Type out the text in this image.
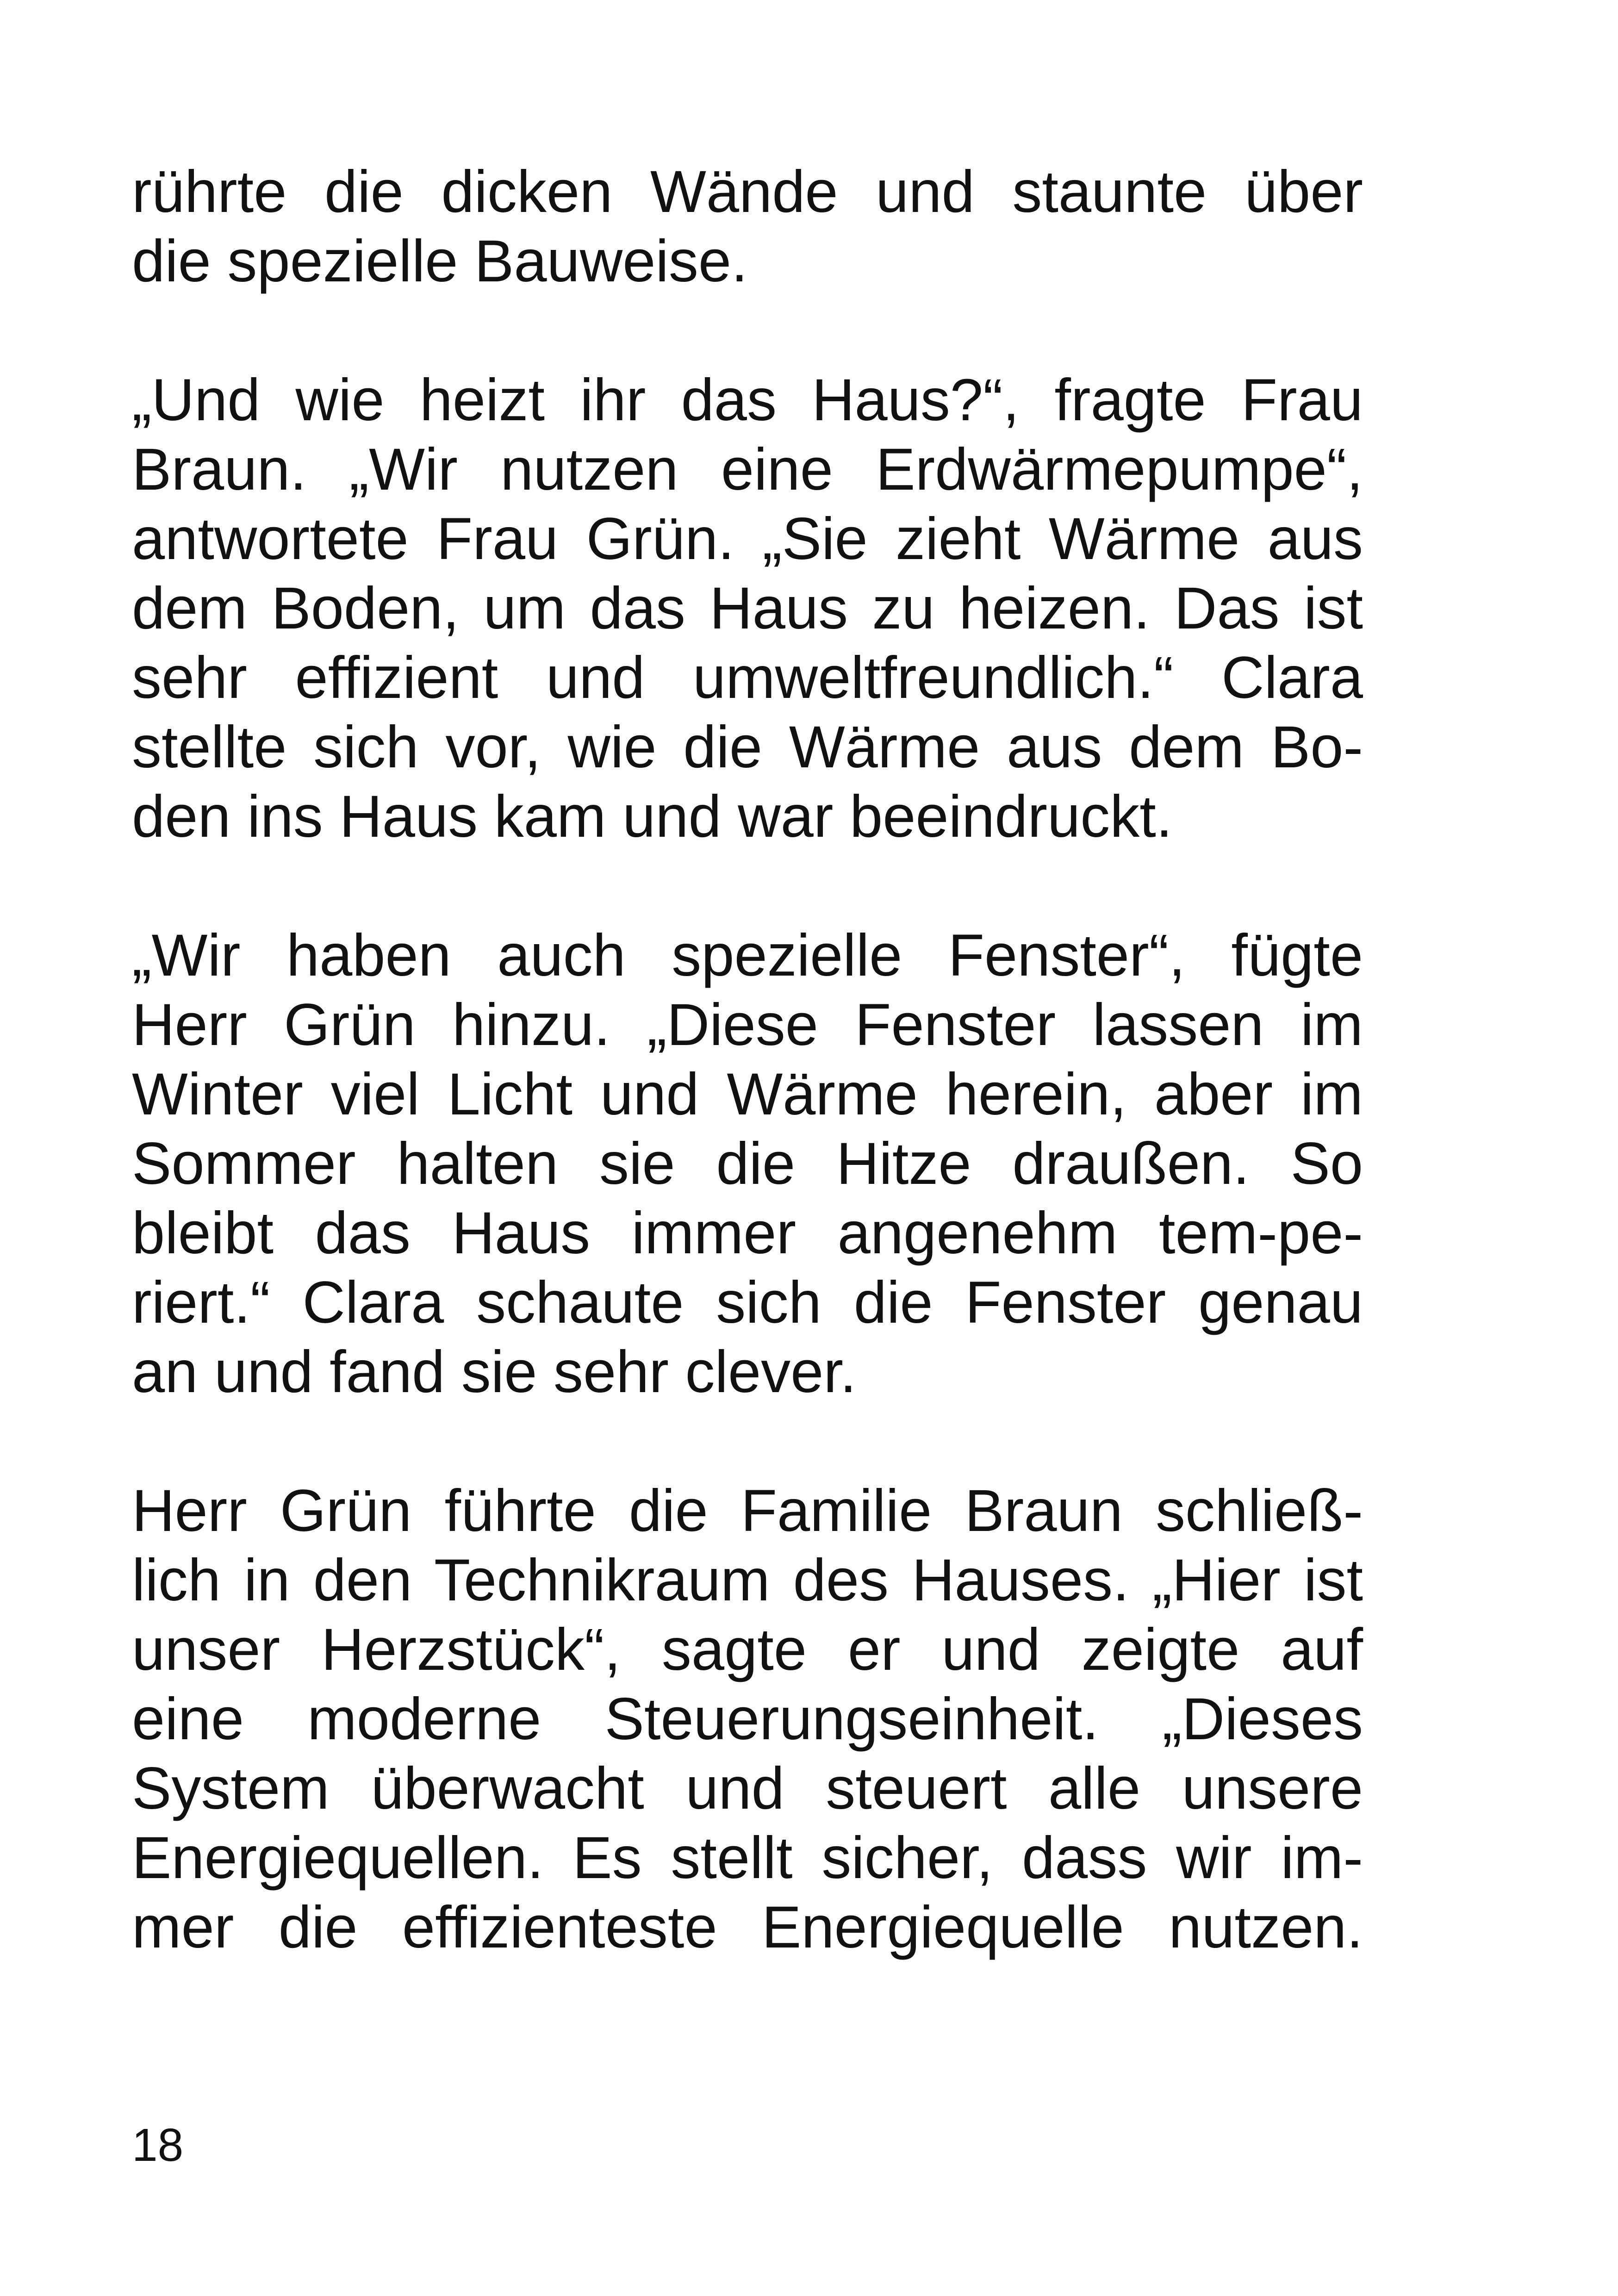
rührte die dicken Wände und staunte über
die spezielle Bauweise.

„Und wie heizt ihr das Haus?“, fragte Frau
Braun. „Wir nutzen eine Erdwärmepumpe“,
antwortete Frau Grün. „Sie zieht Wärme aus
dem Boden, um das Haus zu heizen. Das ist
sehr effizient und umweltfreundlich.“ Clara
stellte sich vor, wie die Wärme aus dem Bo-
den ins Haus kam und war beeindruckt.

„Wir haben auch spezielle Fenster“, fügte
Herr Grün hinzu. „Diese Fenster lassen im
Winter viel Licht und Wärme herein, aber im
Sommer halten sie die Hitze draußen. So
bleibt das Haus immer angenehm tem-pe-
riert.“ Clara schaute sich die Fenster genau
an und fand sie sehr clever.

Herr Grün führte die Familie Braun schließ-
lich in den Technikraum des Hauses. „Hier ist
unser Herzstück“, sagte er und zeigte auf
eine moderne Steuerungseinheit. „Dieses
System überwacht und steuert alle unsere
Energiequellen. Es stellt sicher, dass wir im-
mer die effizienteste Energiequelle nutzen.

18
